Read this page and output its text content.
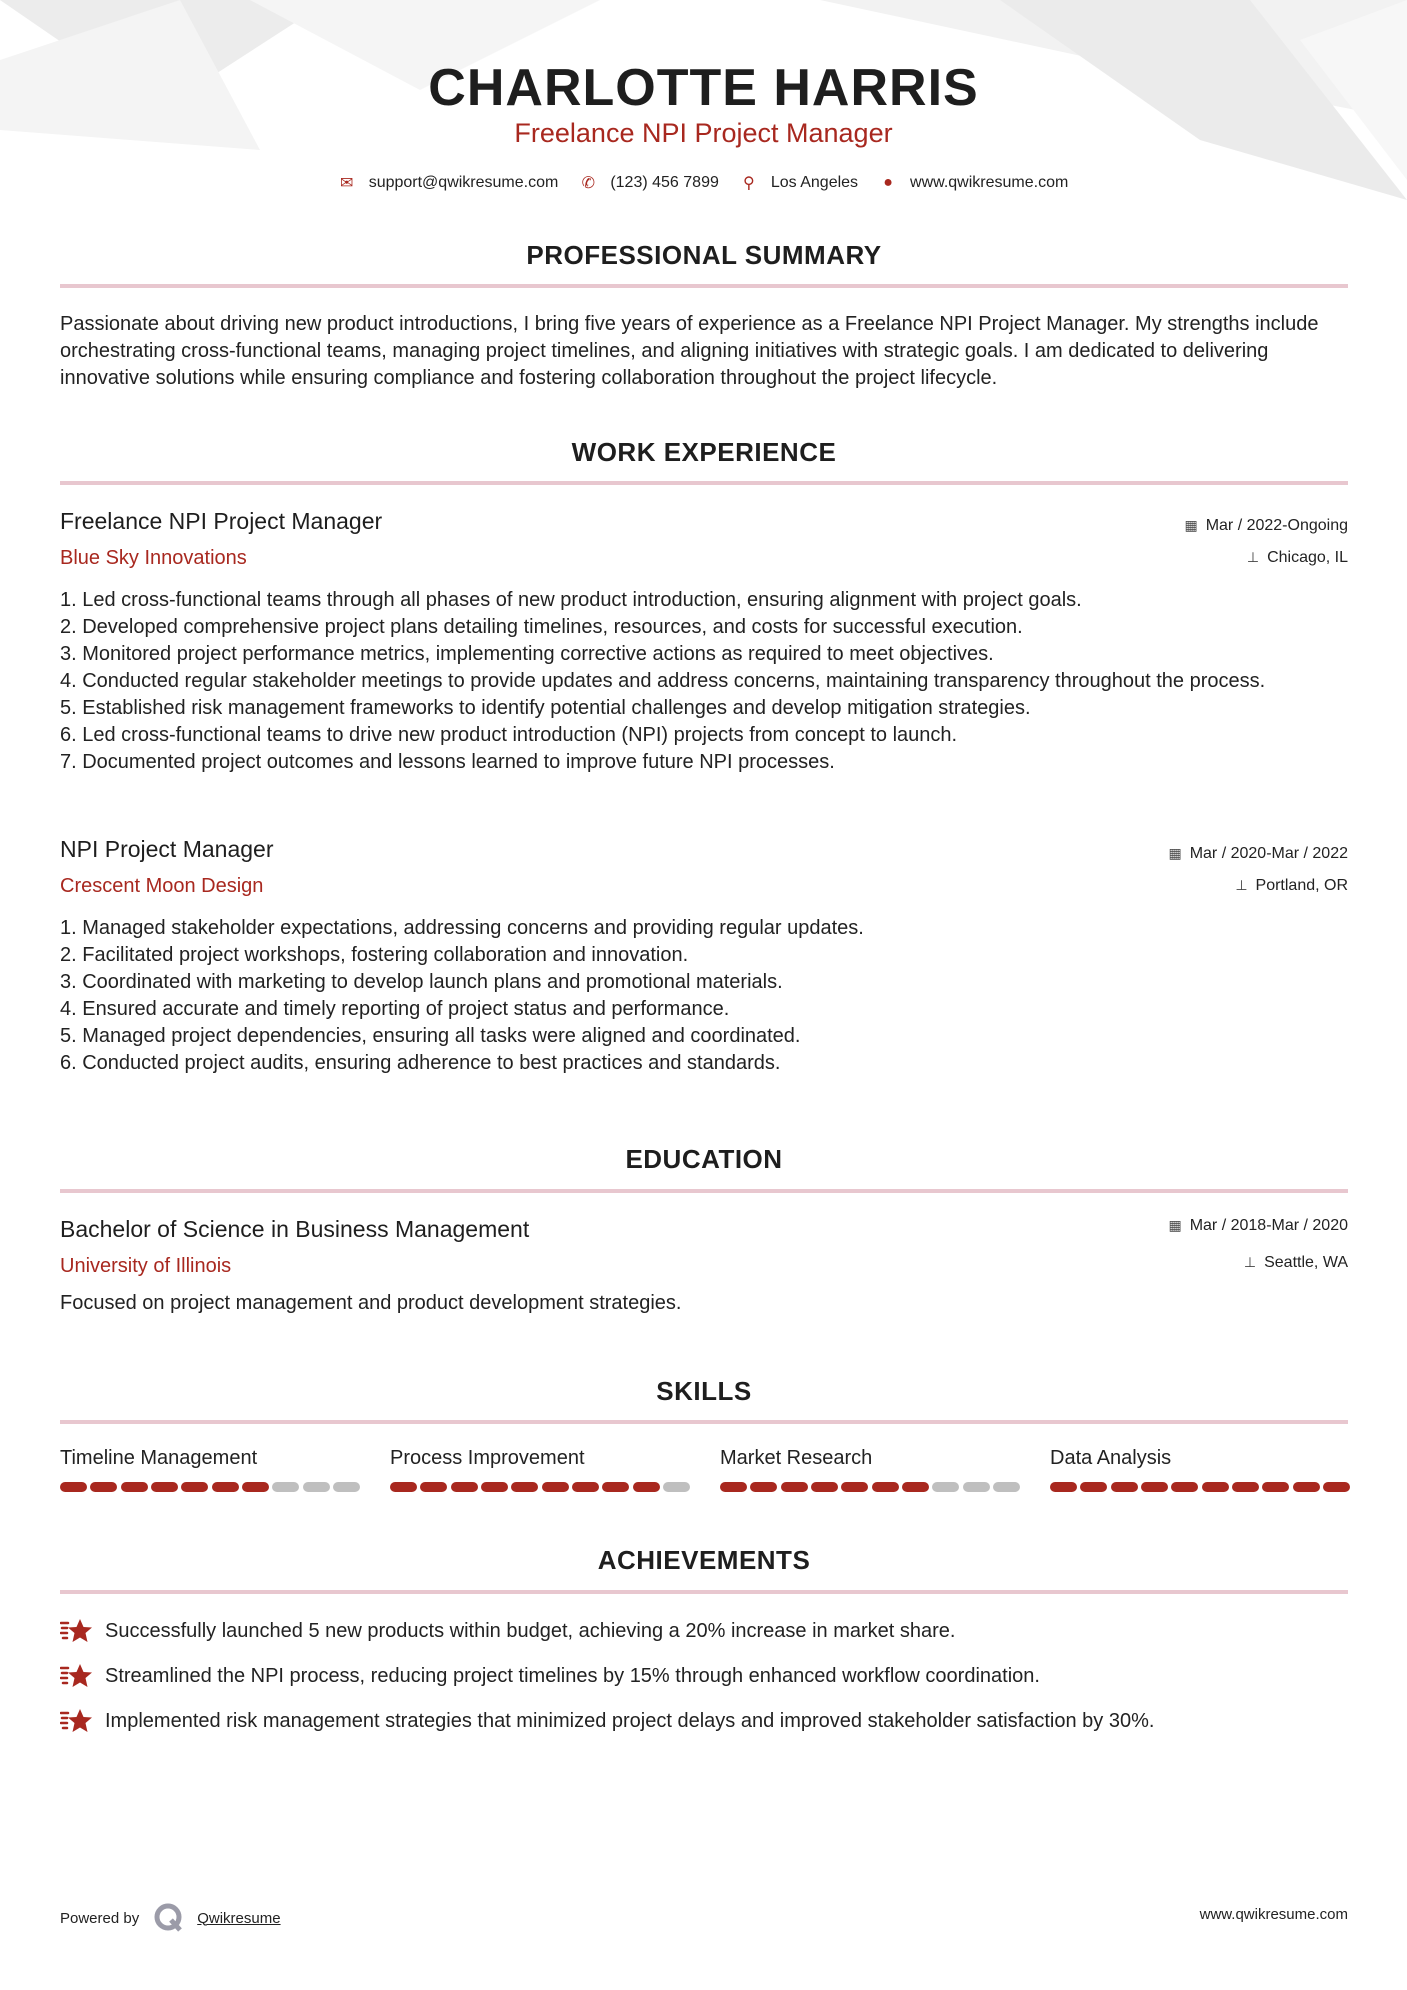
CHARLOTTE HARRIS
Freelance NPI Project Manager
✉ support@qwikresume.com ✆ (123) 456 7899 ⚲ Los Angeles ● www.qwikresume.com
PROFESSIONAL SUMMARY
Passionate about driving new product introductions, I bring five years of experience as a Freelance NPI Project Manager. My strengths include orchestrating cross-functional teams, managing project timelines, and aligning initiatives with strategic goals. I am dedicated to delivering innovative solutions while ensuring compliance and fostering collaboration throughout the project lifecycle.
WORK EXPERIENCE
Freelance NPI Project Manager
Blue Sky Innovations
▦ Mar / 2022-Ongoing
⊥ Chicago, IL
1. Led cross-functional teams through all phases of new product introduction, ensuring alignment with project goals.
2. Developed comprehensive project plans detailing timelines, resources, and costs for successful execution.
3. Monitored project performance metrics, implementing corrective actions as required to meet objectives.
4. Conducted regular stakeholder meetings to provide updates and address concerns, maintaining transparency throughout the process.
5. Established risk management frameworks to identify potential challenges and develop mitigation strategies.
6. Led cross-functional teams to drive new product introduction (NPI) projects from concept to launch.
7. Documented project outcomes and lessons learned to improve future NPI processes.
NPI Project Manager
Crescent Moon Design
▦ Mar / 2020-Mar / 2022
⊥ Portland, OR
1. Managed stakeholder expectations, addressing concerns and providing regular updates.
2. Facilitated project workshops, fostering collaboration and innovation.
3. Coordinated with marketing to develop launch plans and promotional materials.
4. Ensured accurate and timely reporting of project status and performance.
5. Managed project dependencies, ensuring all tasks were aligned and coordinated.
6. Conducted project audits, ensuring adherence to best practices and standards.
EDUCATION
Bachelor of Science in Business Management
University of Illinois
▦ Mar / 2018-Mar / 2020
⊥ Seattle, WA
Focused on project management and product development strategies.
SKILLS
Timeline Management	Process Improvement	Market Research	Data Analysis
ACHIEVEMENTS
Successfully launched 5 new products within budget, achieving a 20% increase in market share.
Streamlined the NPI process, reducing project timelines by 15% through enhanced workflow coordination.
Implemented risk management strategies that minimized project delays and improved stakeholder satisfaction by 30%.
Powered by	Qwikresume	www.qwikresume.com
